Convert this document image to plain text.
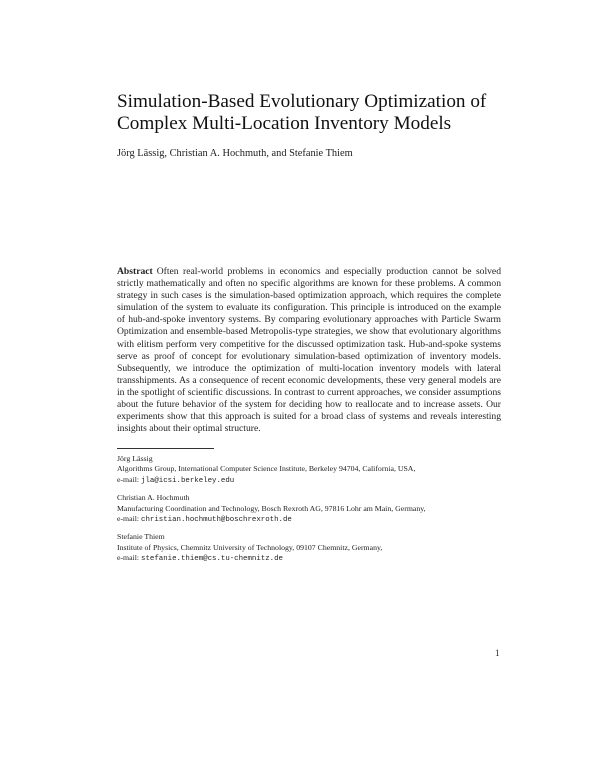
Simulation-Based Evolutionary Optimization of
Complex Multi-Location Inventory Models
Jörg Lässig, Christian A. Hochmuth, and Stefanie Thiem
Abstract Often real-world problems in economics and especially production cannot be solved strictly mathematically and often no specific algorithms are known for these problems. A common strategy in such cases is the simulation-based optimization approach, which requires the complete simulation of the system to evaluate its configuration. This principle is introduced on the example of hub-and-spoke inventory systems. By comparing evolutionary approaches with Particle Swarm Optimization and ensemble-based Metropolis-type strategies, we show that evolutionary algorithms with elitism perform very competitive for the discussed optimization task. Hub-and-spoke systems serve as proof of concept for evolutionary simulation-based optimization of inventory models. Subsequently, we introduce the optimization of multi-location inventory models with lateral transshipments. As a consequence of recent economic developments, these very general models are in the spotlight of scientific discussions. In contrast to current approaches, we consider assumptions about the future behavior of the system for deciding how to reallocate and to increase assets. Our experiments show that this approach is suited for a broad class of systems and reveals interesting insights about their optimal structure.
Jörg Lässig
Algorithms Group, International Computer Science Institute, Berkeley 94704, California, USA,
e-mail: jla@icsi.berkeley.edu
Christian A. Hochmuth
Manufacturing Coordination and Technology, Bosch Rexroth AG, 97816 Lohr am Main, Germany,
e-mail: christian.hochmuth@boschrexroth.de
Stefanie Thiem
Institute of Physics, Chemnitz University of Technology, 09107 Chemnitz, Germany,
e-mail: stefanie.thiem@cs.tu-chemnitz.de
1
